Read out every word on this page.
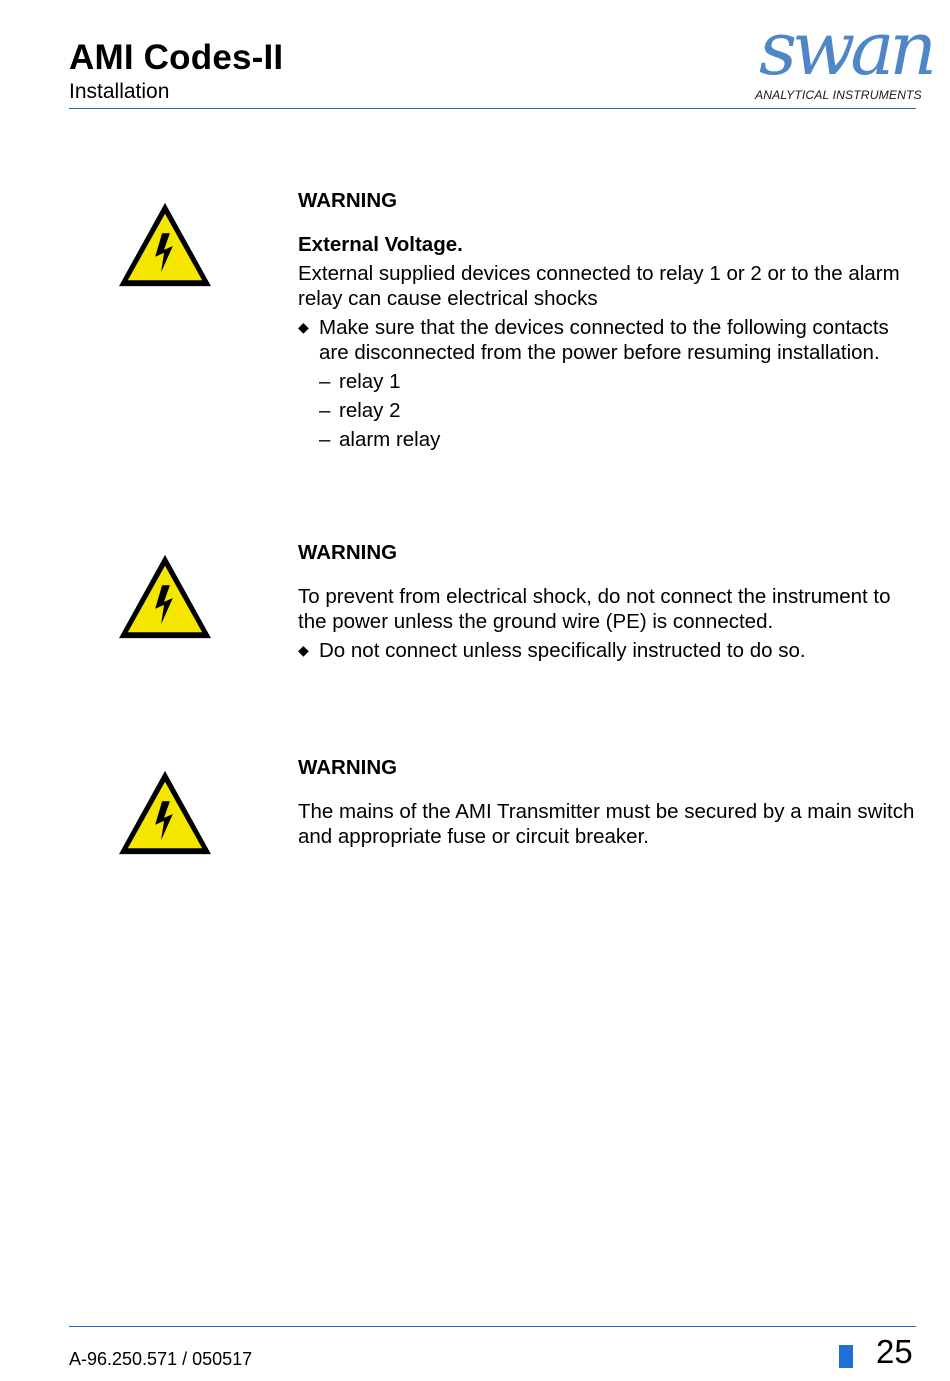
AMI Codes-II
Installation	swan
ANALYTICAL INSTRUMENTS
WARNING
External Voltage.
External supplied devices connected to relay 1 or 2 or to the alarm relay can cause electrical shocks
◆ Make sure that the devices connected to the following contacts are disconnected from the power before resuming installation.
– relay 1
– relay 2
– alarm relay
WARNING
To prevent from electrical shock, do not connect the instrument to the power unless the ground wire (PE) is connected.
◆ Do not connect unless specifically instructed to do so.
WARNING
The mains of the AMI Transmitter must be secured by a main switch and appropriate fuse or circuit breaker.
A-96.250.571 / 050517	25
